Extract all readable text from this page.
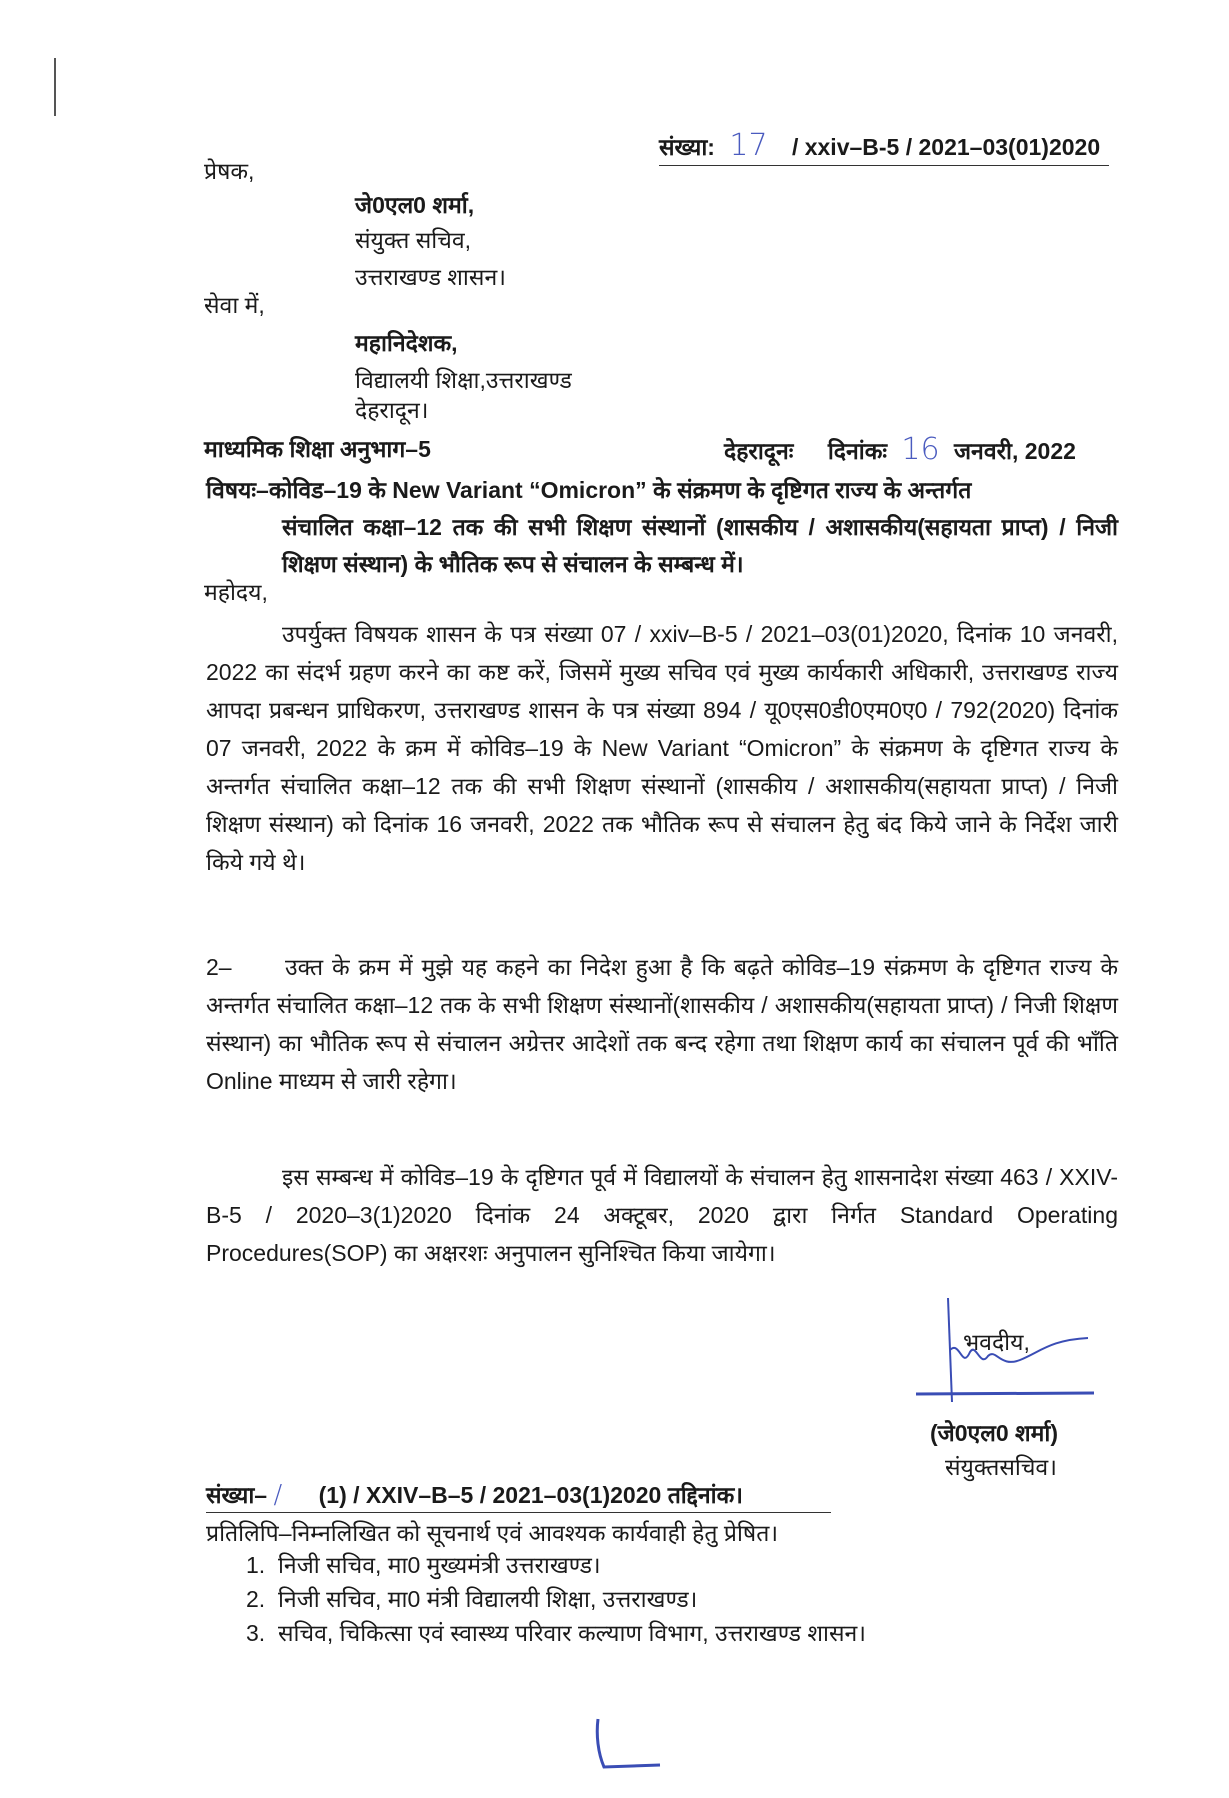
संख्या: 17 / xxiv–B-5 / 2021–03(01)2020
प्रेषक,
जे0एल0 शर्मा,
संयुक्त सचिव,
उत्तराखण्ड शासन।
सेवा में,
महानिदेशक,
विद्यालयी शिक्षा,उत्तराखण्ड
देहरादून।
माध्यमिक शिक्षा अनुभाग–5	देहरादूनः दिनांकः 16 जनवरी, 2022
विषयः–कोविड–19 के New Variant “Omicron” के संक्रमण के दृष्टिगत राज्य के अन्तर्गत
संचालित कक्षा–12 तक की सभी शिक्षण संस्थानों (शासकीय / अशासकीय(सहायता प्राप्त) / निजी शिक्षण संस्थान) के भौतिक रूप से संचालन के सम्बन्ध में।
महोदय,
उपर्युक्त विषयक शासन के पत्र संख्या 07 / xxiv–B-5 / 2021–03(01)2020, दिनांक 10 जनवरी, 2022 का संदर्भ ग्रहण करने का कष्ट करें, जिसमें मुख्य सचिव एवं मुख्य कार्यकारी अधिकारी, उत्तराखण्ड राज्य आपदा प्रबन्धन प्राधिकरण, उत्तराखण्ड शासन के पत्र संख्या 894 / यू0एस0डी0एम0ए0 / 792(2020) दिनांक 07 जनवरी, 2022 के क्रम में कोविड–19 के New Variant “Omicron” के संक्रमण के दृष्टिगत राज्य के अन्तर्गत संचालित कक्षा–12 तक की सभी शिक्षण संस्थानों (शासकीय / अशासकीय(सहायता प्राप्त) / निजी शिक्षण संस्थान) को दिनांक 16 जनवरी, 2022 तक भौतिक रूप से संचालन हेतु बंद किये जाने के निर्देश जारी किये गये थे।
2–      उक्त के क्रम में मुझे यह कहने का निदेश हुआ है कि बढ़ते कोविड–19 संक्रमण के दृष्टिगत राज्य के अन्तर्गत संचालित कक्षा–12 तक के सभी शिक्षण संस्थानों(शासकीय / अशासकीय(सहायता प्राप्त) / निजी शिक्षण संस्थान) का भौतिक रूप से संचालन अग्रेत्तर आदेशों तक बन्द रहेगा तथा शिक्षण कार्य का संचालन पूर्व की भाँति Online माध्यम से जारी रहेगा।
इस सम्बन्ध में कोविड–19 के दृष्टिगत पूर्व में विद्यालयों के संचालन हेतु शासनादेश संख्या 463 / XXIV-B-5 / 2020–3(1)2020 दिनांक 24 अक्टूबर, 2020 द्वारा निर्गत Standard Operating Procedures(SOP) का अक्षरशः अनुपालन सुनिश्चित किया जायेगा।
भवदीय,
(जे0एल0 शर्मा)
संयुक्तसचिव।
संख्या– / (1) / XXIV–B–5 / 2021–03(1)2020 तद्दिनांक।
प्रतिलिपि–निम्नलिखित को सूचनार्थ एवं आवश्यक कार्यवाही हेतु प्रेषित।
1. निजी सचिव, मा0 मुख्यमंत्री उत्तराखण्ड।
2. निजी सचिव, मा0 मंत्री विद्यालयी शिक्षा, उत्तराखण्ड।
3. सचिव, चिकित्सा एवं स्वास्थ्य परिवार कल्याण विभाग, उत्तराखण्ड शासन।
